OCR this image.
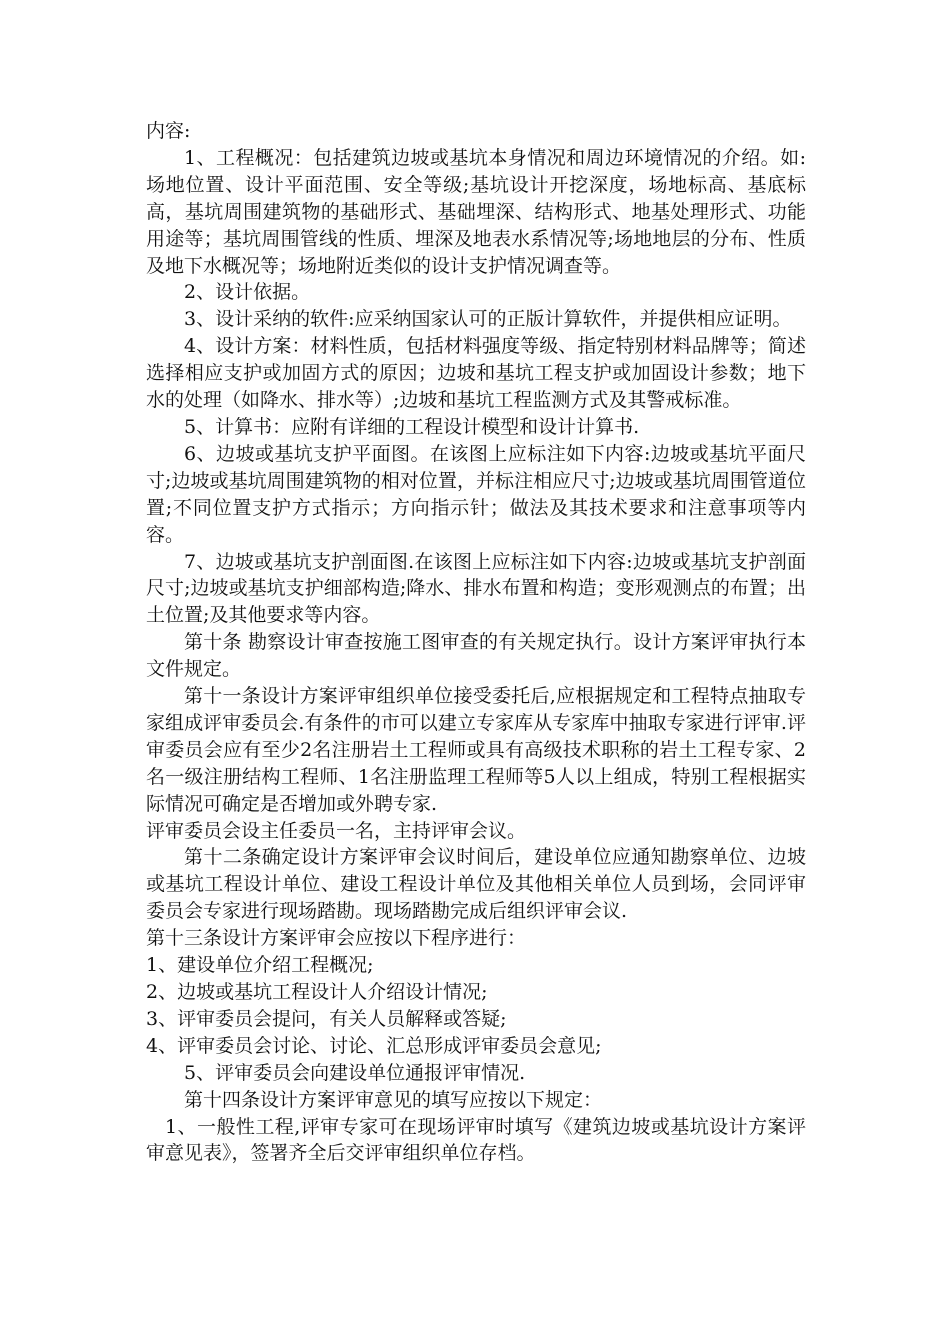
内容:

1、工程概况：包括建筑边坡或基坑本身情况和周边环境情况的介绍。如:场地位置、设计平面范围、安全等级;基坑设计开挖深度，场地标高、基底标高，基坑周围建筑物的基础形式、基础埋深、结构形式、地基处理形式、功能用途等；基坑周围管线的性质、埋深及地表水系情况等;场地地层的分布、性质及地下水概况等；场地附近类似的设计支护情况调查等。

2、设计依据。

3、设计采纳的软件:应采纳国家认可的正版计算软件，并提供相应证明。

4、设计方案：材料性质，包括材料强度等级、指定特别材料品牌等；简述选择相应支护或加固方式的原因；边坡和基坑工程支护或加固设计参数；地下水的处理（如降水、排水等）;边坡和基坑工程监测方式及其警戒标准。

5、计算书：应附有详细的工程设计模型和设计计算书.

6、边坡或基坑支护平面图。在该图上应标注如下内容:边坡或基坑平面尺寸;边坡或基坑周围建筑物的相对位置，并标注相应尺寸;边坡或基坑周围管道位置;不同位置支护方式指示；方向指示针；做法及其技术要求和注意事项等内容。

7、边坡或基坑支护剖面图.在该图上应标注如下内容:边坡或基坑支护剖面尺寸;边坡或基坑支护细部构造;降水、排水布置和构造；变形观测点的布置；出土位置;及其他要求等内容。

第十条 勘察设计审查按施工图审查的有关规定执行。设计方案评审执行本文件规定。

第十一条设计方案评审组织单位接受委托后,应根据规定和工程特点抽取专家组成评审委员会.有条件的市可以建立专家库从专家库中抽取专家进行评审.评审委员会应有至少2名注册岩土工程师或具有高级技术职称的岩土工程专家、2名一级注册结构工程师、1名注册监理工程师等5人以上组成，特别工程根据实际情况可确定是否增加或外聘专家.

评审委员会设主任委员一名，主持评审会议。

第十二条确定设计方案评审会议时间后，建设单位应通知勘察单位、边坡或基坑工程设计单位、建设工程设计单位及其他相关单位人员到场，会同评审委员会专家进行现场踏勘。现场踏勘完成后组织评审会议.

第十三条设计方案评审会应按以下程序进行：

1、建设单位介绍工程概况;

2、边坡或基坑工程设计人介绍设计情况;

3、评审委员会提问，有关人员解释或答疑;

4、评审委员会讨论、讨论、汇总形成评审委员会意见;

5、评审委员会向建设单位通报评审情况.

第十四条设计方案评审意见的填写应按以下规定：

1、一般性工程,评审专家可在现场评审时填写《建筑边坡或基坑设计方案评审意见表》，签署齐全后交评审组织单位存档。
